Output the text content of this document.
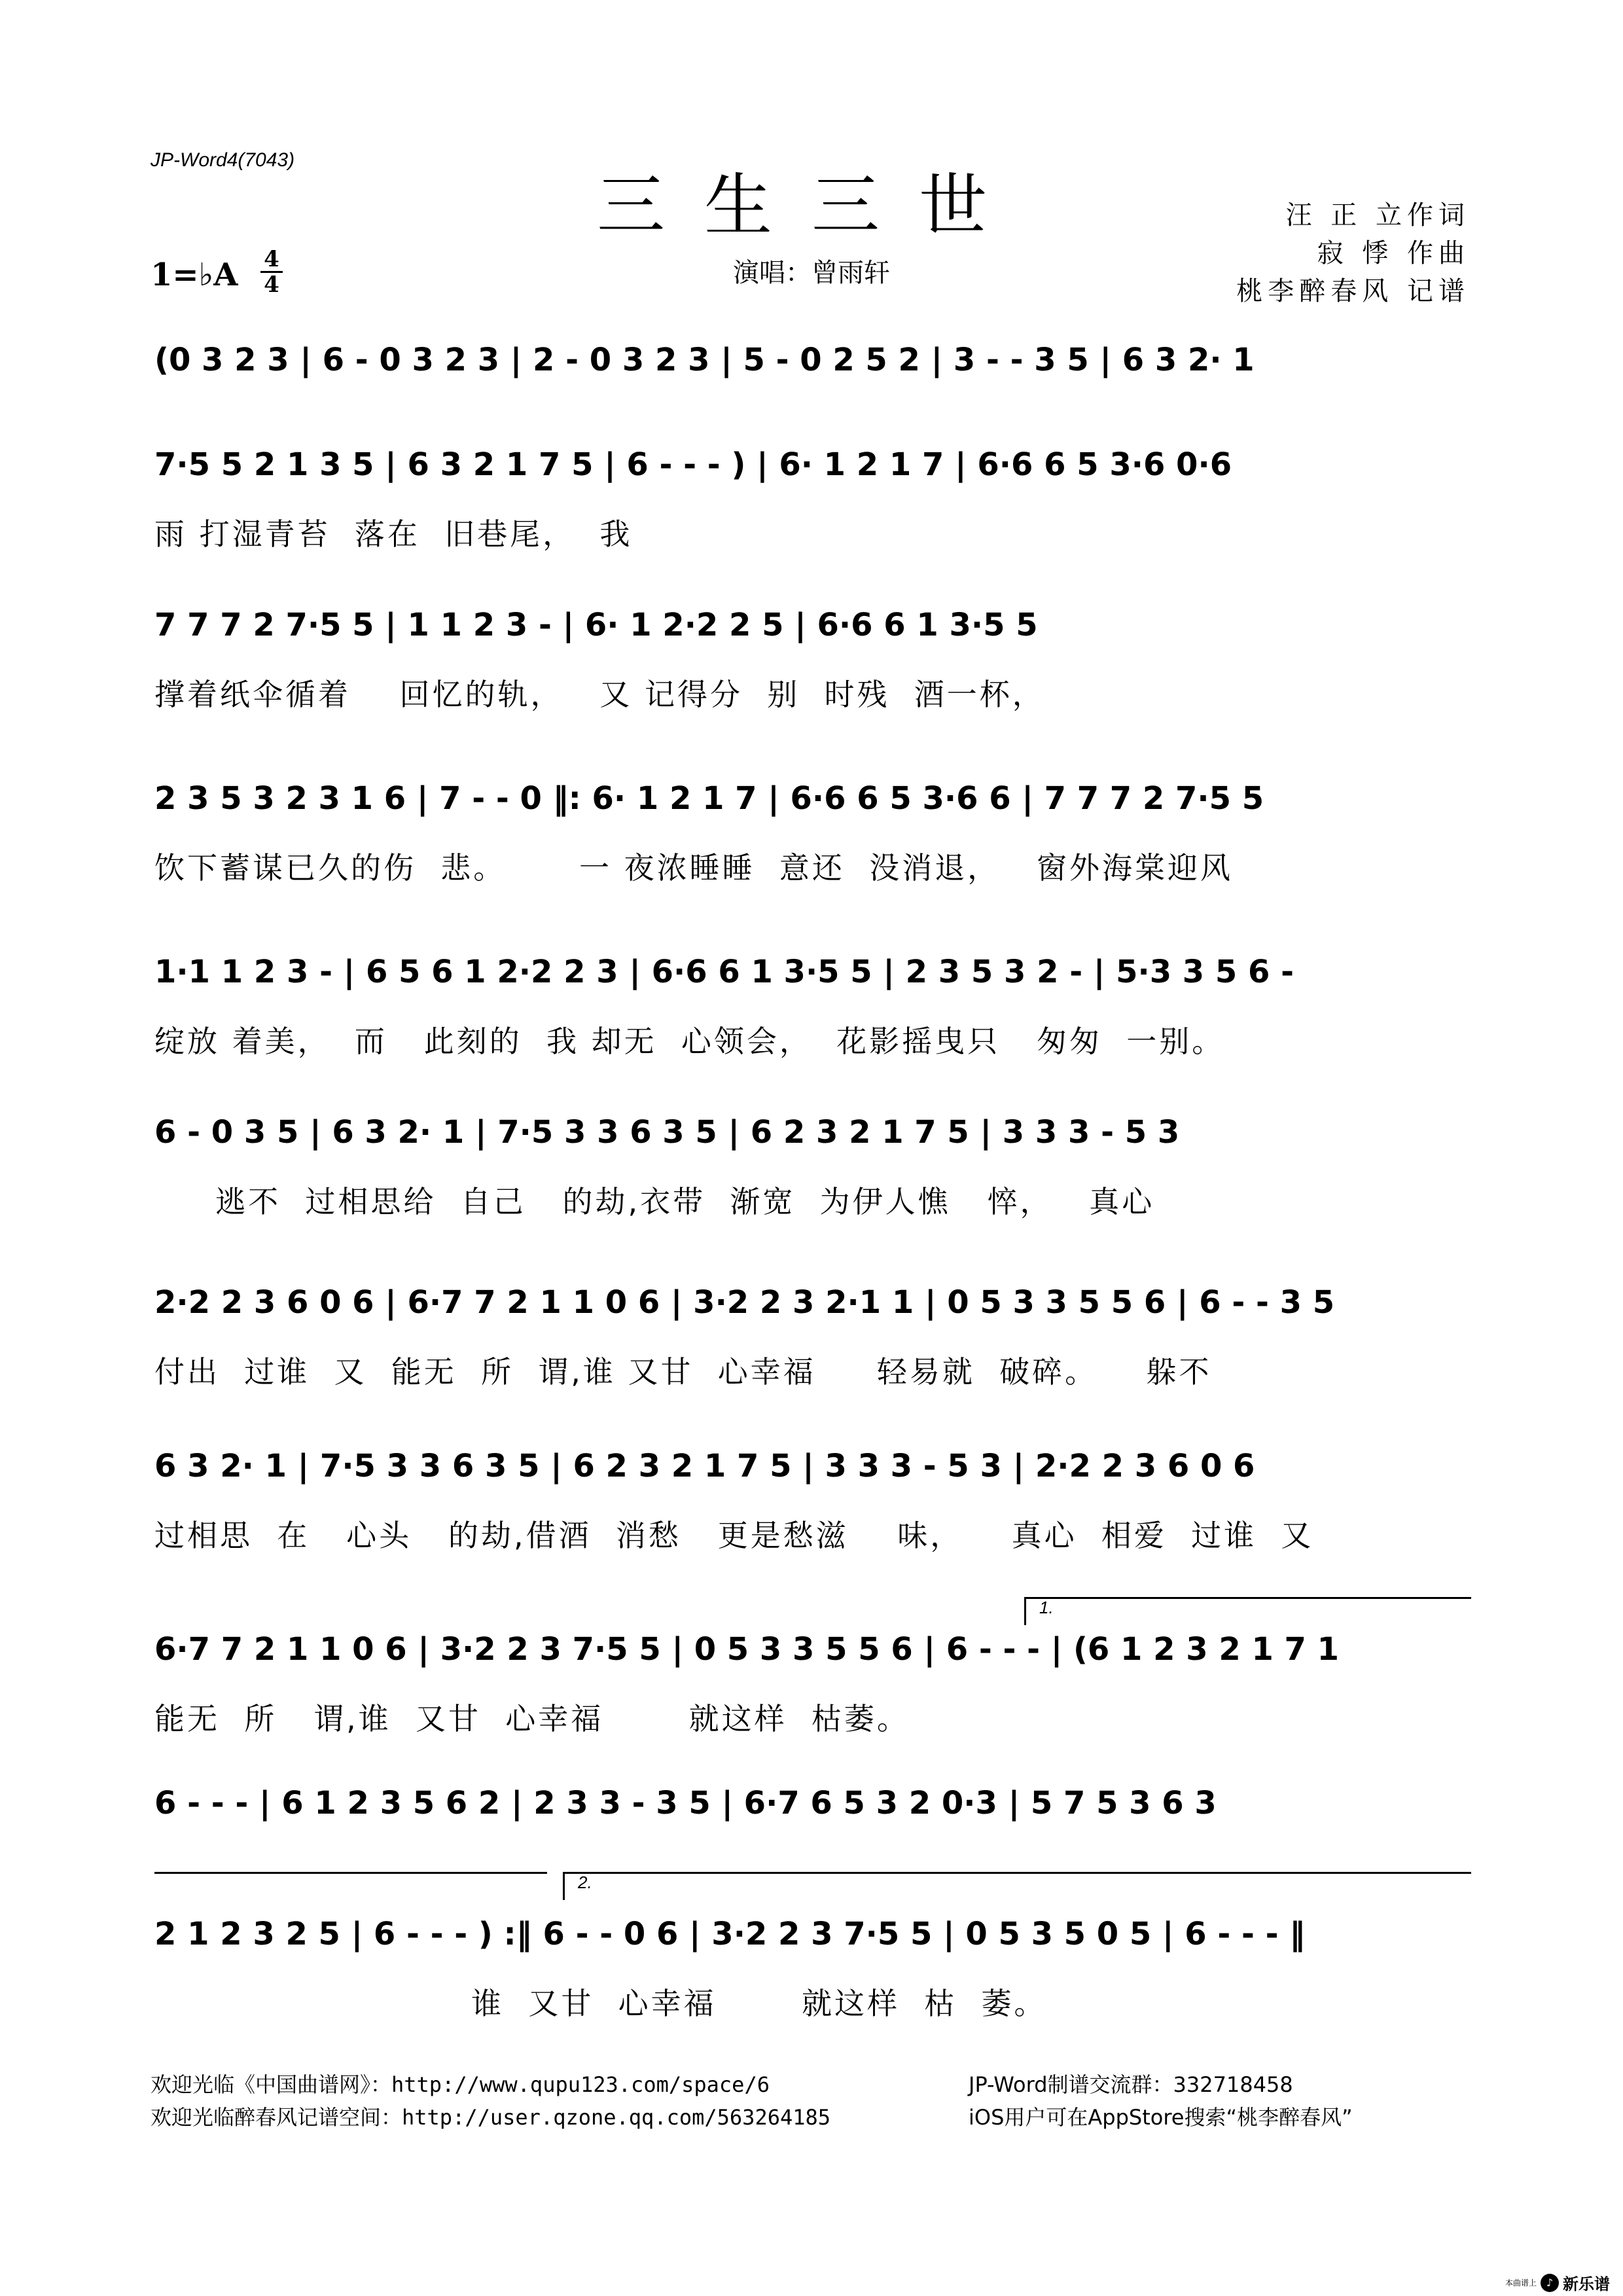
JP-Word4(7043)
三生三世
演唱：曾雨轩
汪 正 立作词
寂 悸 作曲
桃李醉春风 记谱
1=♭A 4
4
(0 3 2 3 | 6 - 0 3 2 3 | 2 - 0 3 2 3 | 5 - 0 2 5 2 | 3 - - 3 5 | 6 3 2· 1
7·5 5 2 1 3 5 | 6 3 2 1 7 5 | 6 - - - ) | 6· 1 2 1 7 | 6·6 6 5 3·6 0·6
雨 打湿青苔  落在  旧巷尾，  我
7 7 7 2 7·5 5 | 1 1 2 3 - | 6· 1 2·2 2 5 | 6·6 6 1 3·5 5
撑着纸伞循着    回忆的轨，   又 记得分  别  时残  酒一杯，
2 3 5 3 2 3 1 6 | 7 - - 0 ‖: 6· 1 2 1 7 | 6·6 6 5 3·6 6 | 7 7 7 2 7·5 5
饮下蓄谋已久的伤  悲。      一 夜浓睡睡  意还  没消退，   窗外海棠迎风
1·1 1 2 3 - | 6 5 6 1 2·2 2 3 | 6·6 6 1 3·5 5 | 2 3 5 3 2 - | 5·3 3 5 6 -
绽放 着美，  而   此刻的  我 却无  心领会，  花影摇曳只   匆匆  一别。
6 - 0 3 5 | 6 3 2· 1 | 7·5 3 3 6 3 5 | 6 2 3 2 1 7 5 | 3 3 3 - 5 3
逃不  过相思给  自己   的劫,衣带  渐宽  为伊人憔   悴，   真心
2·2 2 3 6 0 6 | 6·7 7 2 1 1 0 6 | 3·2 2 3 2·1 1 | 0 5 3 3 5 5 6 | 6 - - 3 5
付出  过谁  又  能无  所  谓,谁 又甘  心幸福     轻易就  破碎。    躲不
6 3 2· 1 | 7·5 3 3 6 3 5 | 6 2 3 2 1 7 5 | 3 3 3 - 5 3 | 2·2 2 3 6 0 6
过相思  在   心头   的劫,借酒  消愁   更是愁滋    味，    真心  相爱  过谁  又
1.
6·7 7 2 1 1 0 6 | 3·2 2 3 7·5 5 | 0 5 3 3 5 5 6 | 6 - - - | (6 1 2 3 2 1 7 1
能无  所   谓,谁  又甘  心幸福       就这样  枯萎。
6 - - - | 6 1 2 3 5 6 2 | 2 3 3 - 3 5 | 6·7 6 5 3 2 0·3 | 5 7 5 3 6 3
2.
2 1 2 3 2 5 | 6 - - - ) :‖ 6 - - 0 6 | 3·2 2 3 7·5 5 | 0 5 3 5 0 5 | 6 - - - ‖
谁  又甘  心幸福       就这样  枯  萎。
欢迎光临《中国曲谱网》：http://www.qupu123.com/space/6
欢迎光临醉春风记谱空间：http://user.qzone.qq.com/563264185
JP-Word制谱交流群：332718458
iOS用户可在AppStore搜索“桃李醉春风”
本曲谱上 ♪ 新乐谱
